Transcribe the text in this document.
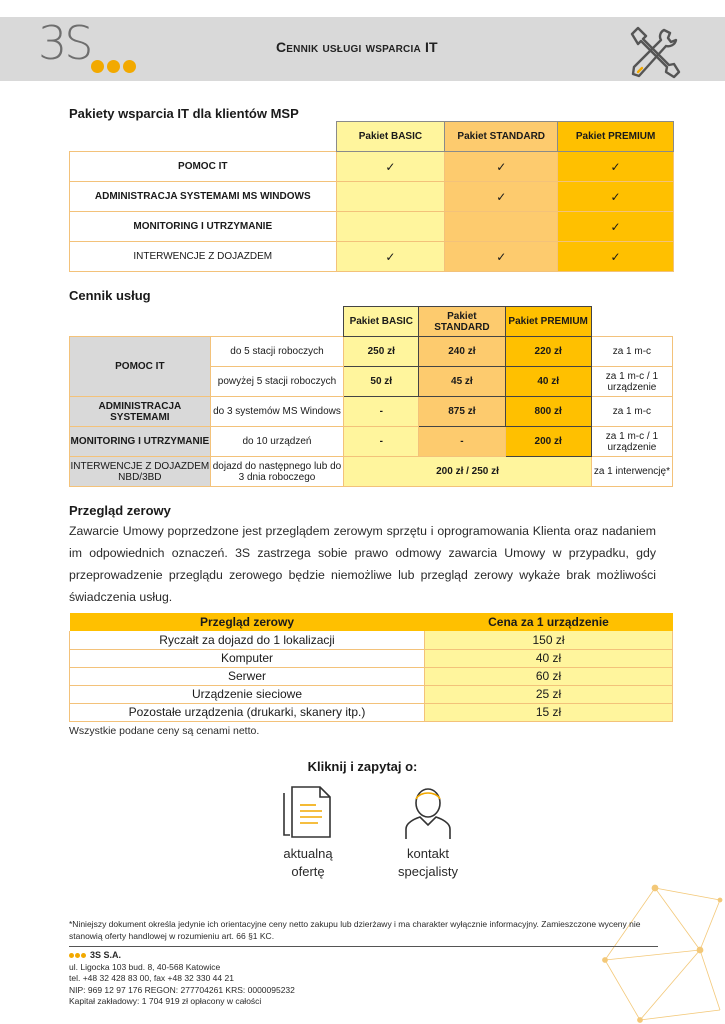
3S	Cennik usługi wsparcia IT
Pakiety wsparcia IT dla klientów MSP
	Pakiet BASIC	Pakiet STANDARD	Pakiet PREMIUM
POMOC IT	✓	✓	✓
ADMINISTRACJA SYSTEMAMI MS WINDOWS		✓	✓
MONITORING I UTRZYMANIE			✓
INTERWENCJE Z DOJAZDEM	✓	✓	✓
Cennik usług
		Pakiet BASIC	Pakiet STANDARD	Pakiet PREMIUM	
POMOC IT	do 5 stacji roboczych	250 zł	240 zł	220 zł	za 1 m-c
	powyżej 5 stacji roboczych	50 zł	45 zł	40 zł	za 1 m-c / 1 urządzenie
ADMINISTRACJA SYSTEMAMI	do 3 systemów MS Windows	-	875 zł	800 zł	za 1 m-c
MONITORING I UTRZYMANIE	do 10 urządzeń	-	-	200 zł	za 1 m-c / 1 urządzenie
INTERWENCJE Z DOJAZDEM NBD/3BD	dojazd do następnego lub do 3 dnia roboczego	200 zł / 250 zł			za 1 interwencję*
Przegląd zerowy
Zawarcie Umowy poprzedzone jest przeglądem zerowym sprzętu i oprogramowania Klienta oraz nadaniem im odpowiednich oznaczeń. 3S zastrzega sobie prawo odmowy zawarcia Umowy w przypadku, gdy przeprowadzenie przeglądu zerowego będzie niemożliwe lub przegląd zerowy wykaże brak możliwości świadczenia usług.
Przegląd zerowy	Cena za 1 urządzenie
Ryczałt za dojazd do 1 lokalizacji	150 zł
Komputer	40 zł
Serwer	60 zł
Urządzenie sieciowe	25 zł
Pozostałe urządzenia (drukarki, skanery itp.)	15 zł
Wszystkie podane ceny są cenami netto.
Kliknij i zapytaj o:
aktualną
ofertę
kontakt
specjalisty
*Niniejszy dokument określa jedynie ich orientacyjne ceny netto zakupu lub dzierżawy i ma charakter wyłącznie informacyjny. Zamieszczone wyceny nie stanowią oferty handlowej w rozumieniu art. 66 §1 KC.
3S S.A.
ul. Ligocka 103 bud. 8, 40-568 Katowice
tel. +48 32 428 83 00, fax +48 32 330 44 21
NIP: 969 12 97 176 REGON: 277704261 KRS: 0000095232
Kapitał zakładowy: 1 704 919 zł opłacony w całości
